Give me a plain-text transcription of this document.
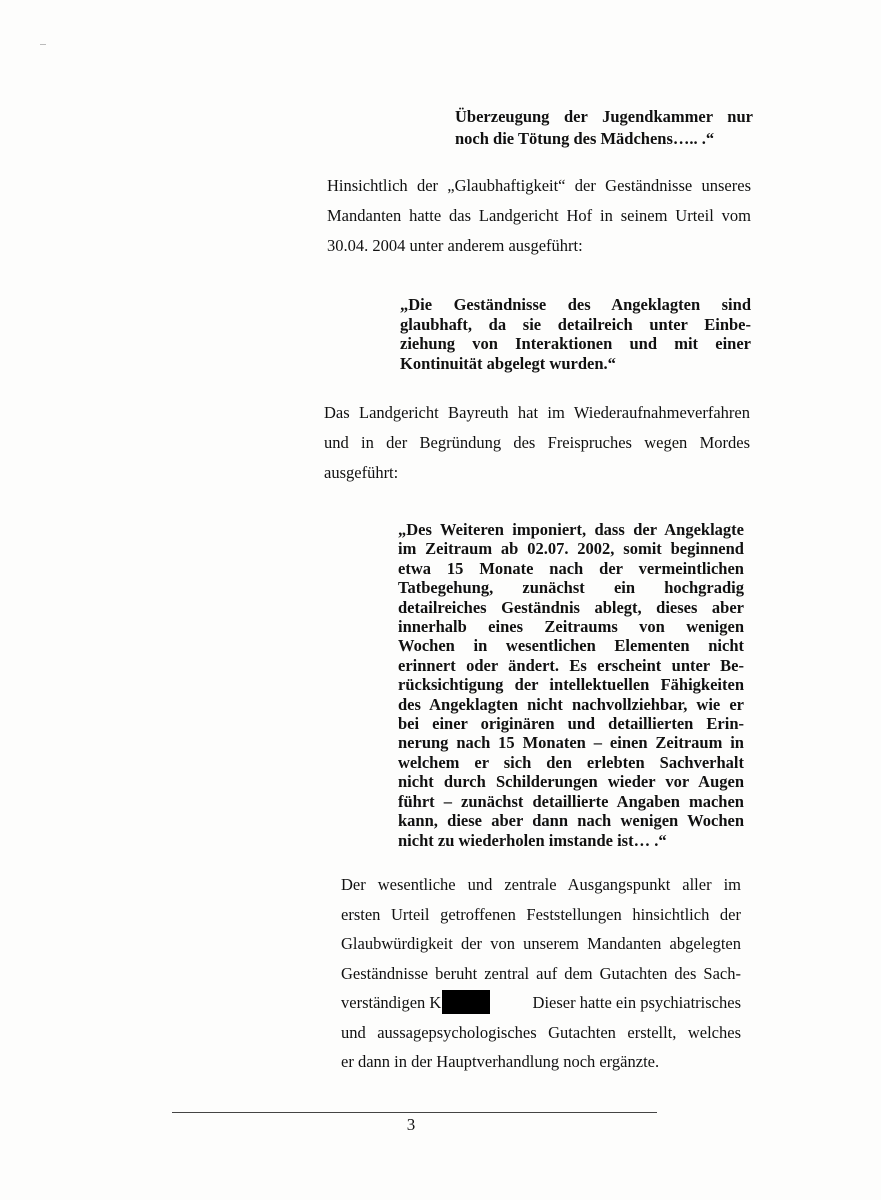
Überzeugung der Jugendkammer nur
noch die Tötung des Mädchens….. .“
Hinsichtlich der „Glaubhaftigkeit“ der Geständnisse unseres
Mandanten hatte das Landgericht Hof in seinem Urteil vom
30.04. 2004 unter anderem ausgeführt:
„Die Geständnisse des Angeklagten sind
glaubhaft, da sie detailreich unter Einbe-
ziehung von Interaktionen und mit einer
Kontinuität abgelegt wurden.“
Das Landgericht Bayreuth hat im Wiederaufnahmeverfahren
und in der Begründung des Freispruches wegen Mordes
ausgeführt:
„Des Weiteren imponiert, dass der Angeklagte
im Zeitraum ab 02.07. 2002, somit beginnend
etwa 15 Monate nach der vermeintlichen
Tatbegehung, zunächst ein hochgradig
detailreiches Geständnis ablegt, dieses aber
innerhalb eines Zeitraums von wenigen
Wochen in wesentlichen Elementen nicht
erinnert oder ändert. Es erscheint unter Be-
rücksichtigung der intellektuellen Fähigkeiten
des Angeklagten nicht nachvollziehbar, wie er
bei einer originären und detaillierten Erin-
nerung nach 15 Monaten – einen Zeitraum in
welchem er sich den erlebten Sachverhalt
nicht durch Schilderungen wieder vor Augen
führt – zunächst detaillierte Angaben machen
kann, diese aber dann nach wenigen Wochen
nicht zu wiederholen imstande ist… .“
Der wesentliche und zentrale Ausgangspunkt aller im
ersten Urteil getroffenen Feststellungen hinsichtlich der
Glaubwürdigkeit der von unserem Mandanten abgelegten
Geständnisse beruht zentral auf dem Gutachten des Sach-
verständigen K	Dieser hatte ein psychiatrisches
und aussagepsychologisches Gutachten erstellt, welches
er dann in der Hauptverhandlung noch ergänzte.
3
